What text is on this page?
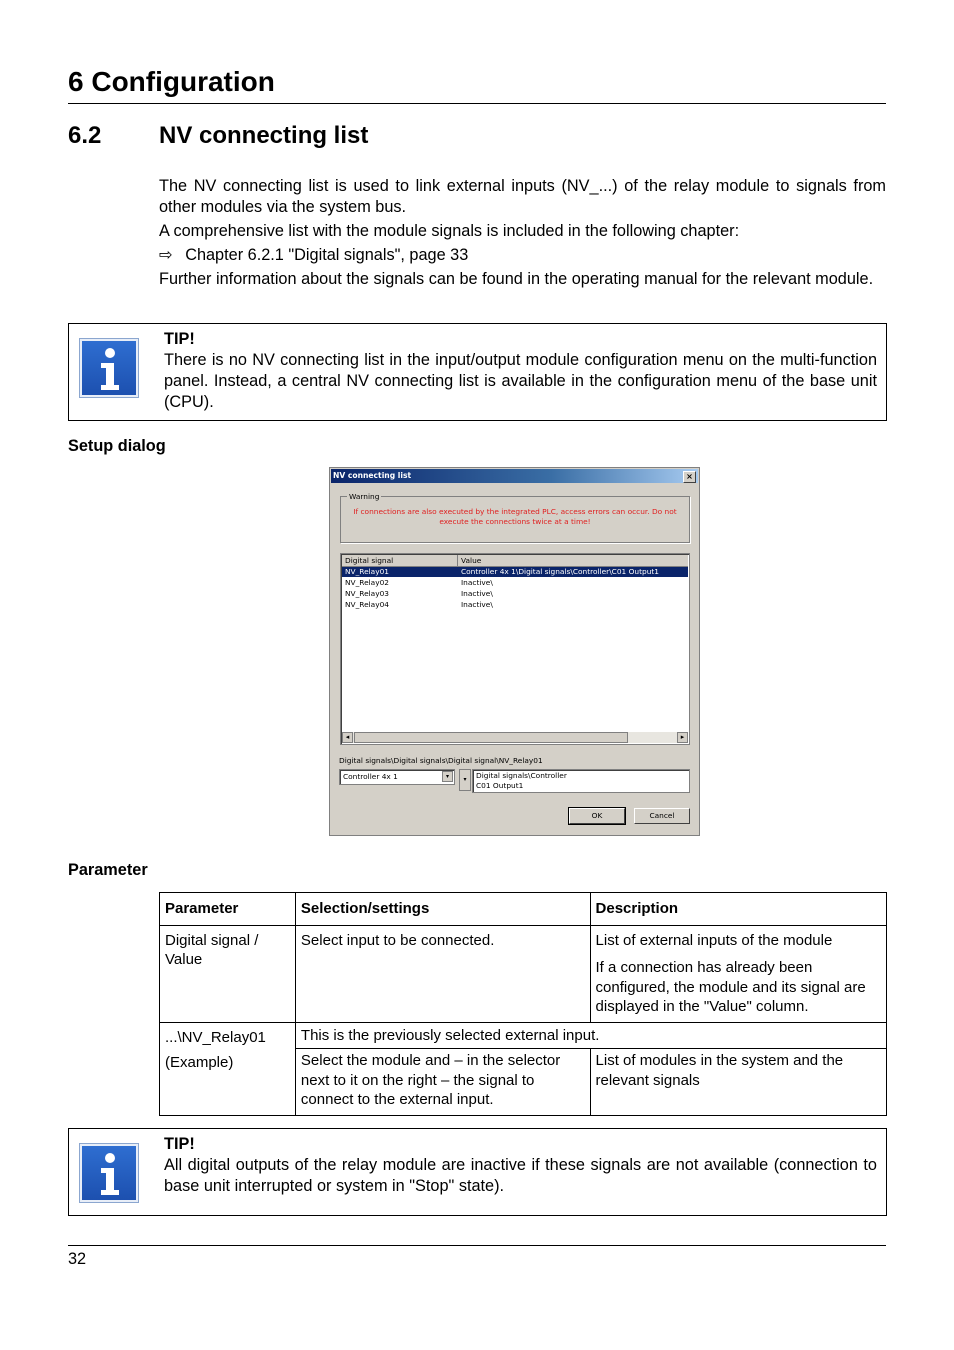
6 Configuration
6.2 NV connecting list
The NV connecting list is used to link external inputs (NV_...) of the relay module to signals from other modules via the system bus.
A comprehensive list with the module signals is included in the following chapter:
⇨ Chapter 6.2.1 "Digital signals", page 33
Further information about the signals can be found in the operating manual for the relevant module.
TIP!
There is no NV connecting list in the input/output module configuration menu on the multi-function panel. Instead, a central NV connecting list is available in the configuration menu of the base unit (CPU).
Setup dialog
NV connecting list	×
Warning
If connections are also executed by the integrated PLC, access errors can occur. Do not
execute the connections twice at a time!
Digital signal	Value
NV_Relay01	Controller 4x 1\Digital signals\Controller\C01 Output1
NV_Relay02	Inactive\
NV_Relay03	Inactive\
NV_Relay04	Inactive\
◂	▸
Digital signals\Digital signals\Digital signal\NV_Relay01
Controller 4x 1	▾	▾	Digital signals\Controller
C01 Output1
OK	Cancel
Parameter
Parameter	Selection/settings	Description
Digital signal / Value	Select input to be connected.	List of external inputs of the module

If a connection has already been configured, the module and its signal are displayed in the "Value" column.

...\NV_Relay01

(Example)	This is the previously selected external input.	
	Select the module and – in the selector next to it on the right – the signal to connect to the external input.	List of modules in the system and the relevant signals
TIP!
All digital outputs of the relay module are inactive if these signals are not available (connection to base unit interrupted or system in "Stop" state).
32
